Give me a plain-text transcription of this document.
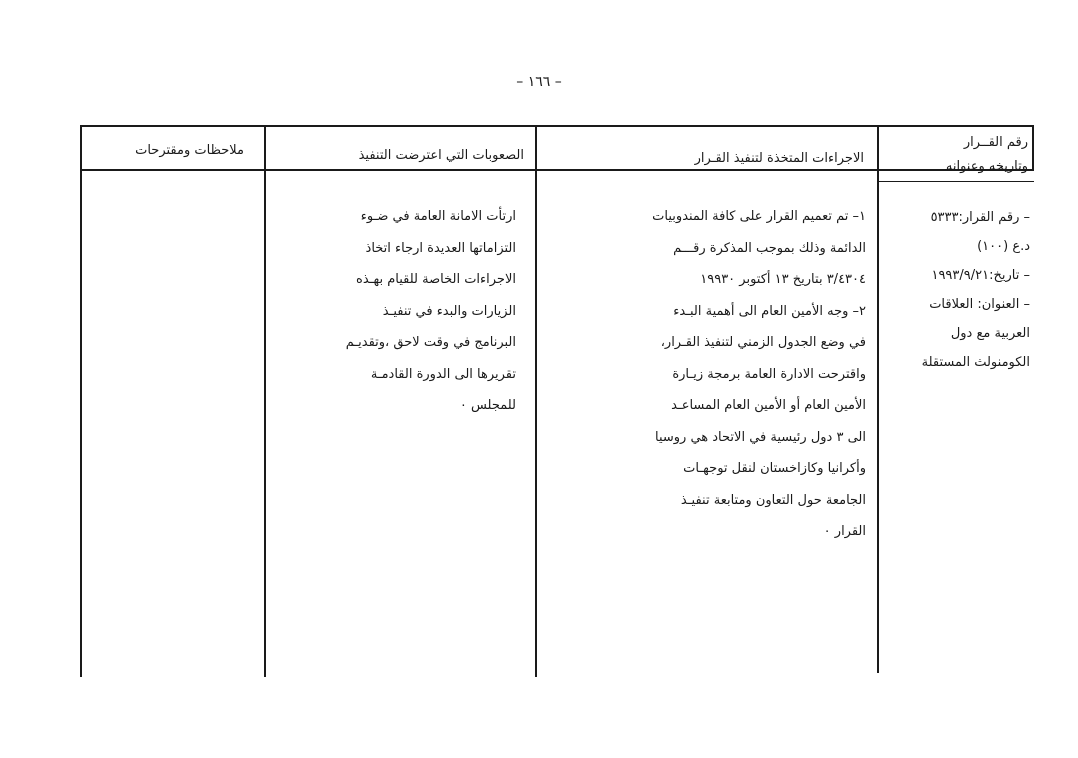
– ١٦٦ –
رقم القــرار
وتاريخه وعنوانه
الاجراءات المتخذة لتنفيذ القـرار
الصعوبات التي اعترضت التنفيذ
ملاحظات ومقترحات
– رقم القرار:٥٣٣٣
د.ع (١٠٠)
– تاريخ:١٩٩٣/٩/٢١
– العنوان: العلاقات
العربية مع دول
الكومنولث المستقلة
١– تم تعميم القرار على كافة المندوبيات
الدائمة وذلك بموجب المذكرة رقـــم
٣/٤٣٠٤ بتاريخ ١٣ أكتوبر ١٩٩٣٠
٢– وجه الأمين العام الى أهمية البـدء
في وضع الجدول الزمني لتنفيذ القـرار،
واقترحت الادارة العامة برمجة زيـارة
الأمين العام أو الأمين العام المساعـد
الى ٣ دول رئيسية في الاتحاد هي روسيا
وأكرانيا وكازاخستان لنقل توجهـات
الجامعة حول التعاون ومتابعة تنفيـذ
القرار ٠
ارتأت الامانة العامة في ضـوء
التزاماتها العديدة ارجاء اتخاذ
الاجراءات الخاصة للقيام بهـذه
الزيارات والبدء في تنفيـذ
البرنامج في وقت لاحق ،وتقديـم
تقريرها الى الدورة القادمـة
للمجلس ٠
